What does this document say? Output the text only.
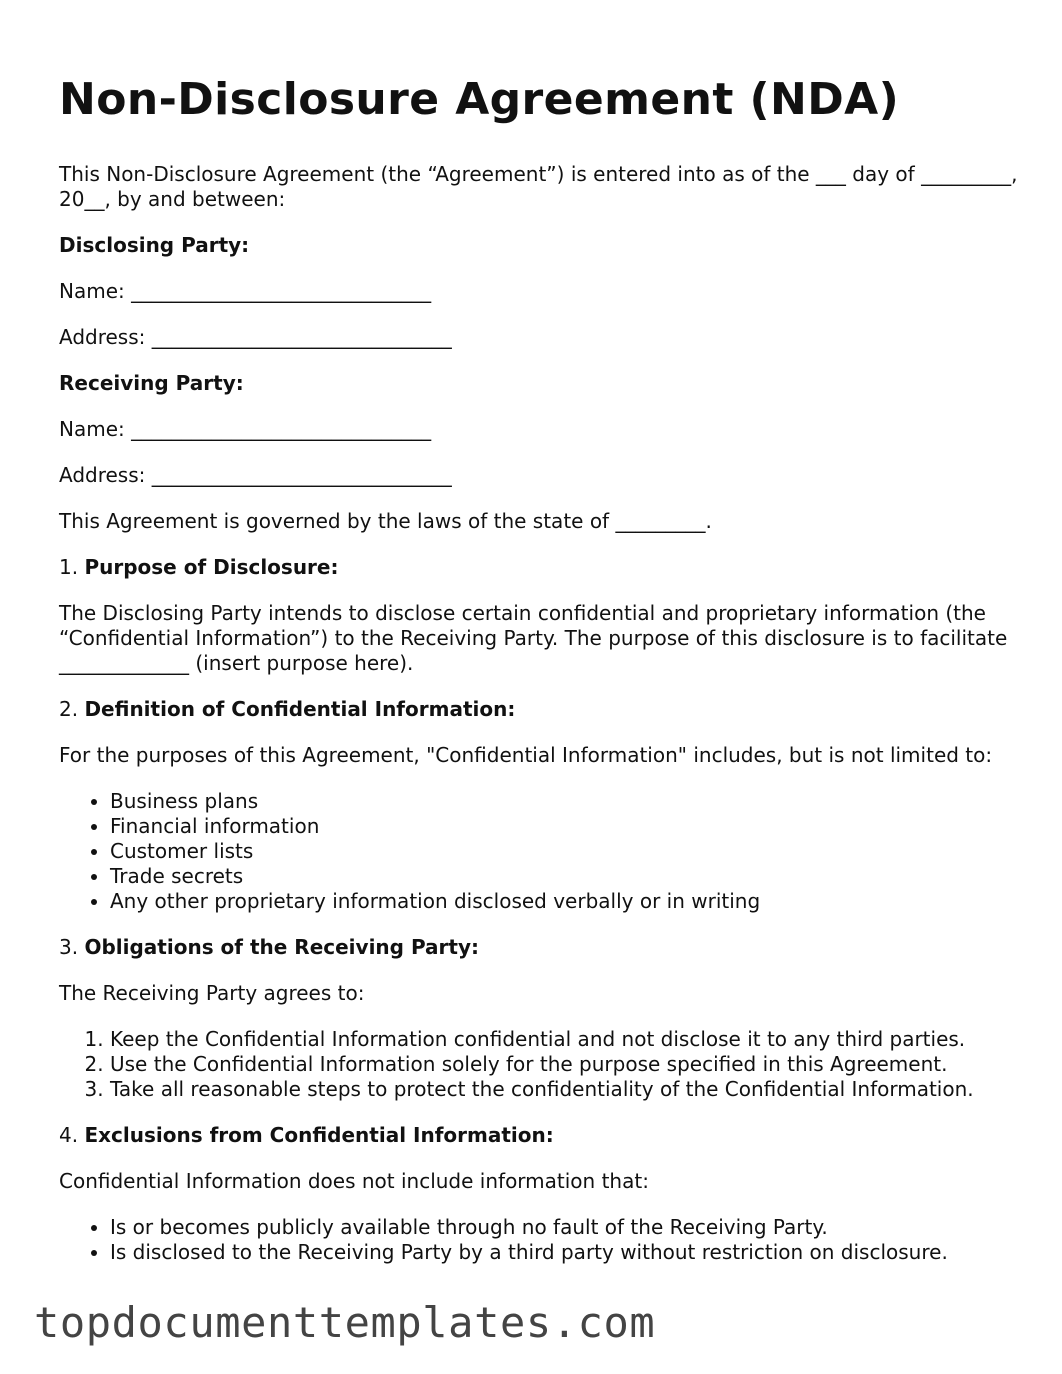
Non-Disclosure Agreement (NDA)

This Non-Disclosure Agreement (the “Agreement”) is entered into as of the ___ day of _________, 20__, by and between:

Disclosing Party:

Name: ______________________________

Address: ______________________________

Receiving Party:

Name: ______________________________

Address: ______________________________

This Agreement is governed by the laws of the state of _________.

1. Purpose of Disclosure:

The Disclosing Party intends to disclose certain confidential and proprietary information (the “Confidential Information”) to the Receiving Party. The purpose of this disclosure is to facilitate _____________ (insert purpose here).

2. Definition of Confidential Information:

For the purposes of this Agreement, "Confidential Information" includes, but is not limited to:

• Business plans
• Financial information
• Customer lists
• Trade secrets
• Any other proprietary information disclosed verbally or in writing

3. Obligations of the Receiving Party:

The Receiving Party agrees to:

1. Keep the Confidential Information confidential and not disclose it to any third parties.
2. Use the Confidential Information solely for the purpose specified in this Agreement.
3. Take all reasonable steps to protect the confidentiality of the Confidential Information.

4. Exclusions from Confidential Information:

Confidential Information does not include information that:

• Is or becomes publicly available through no fault of the Receiving Party.
• Is disclosed to the Receiving Party by a third party without restriction on disclosure.
topdocumenttemplates.com
